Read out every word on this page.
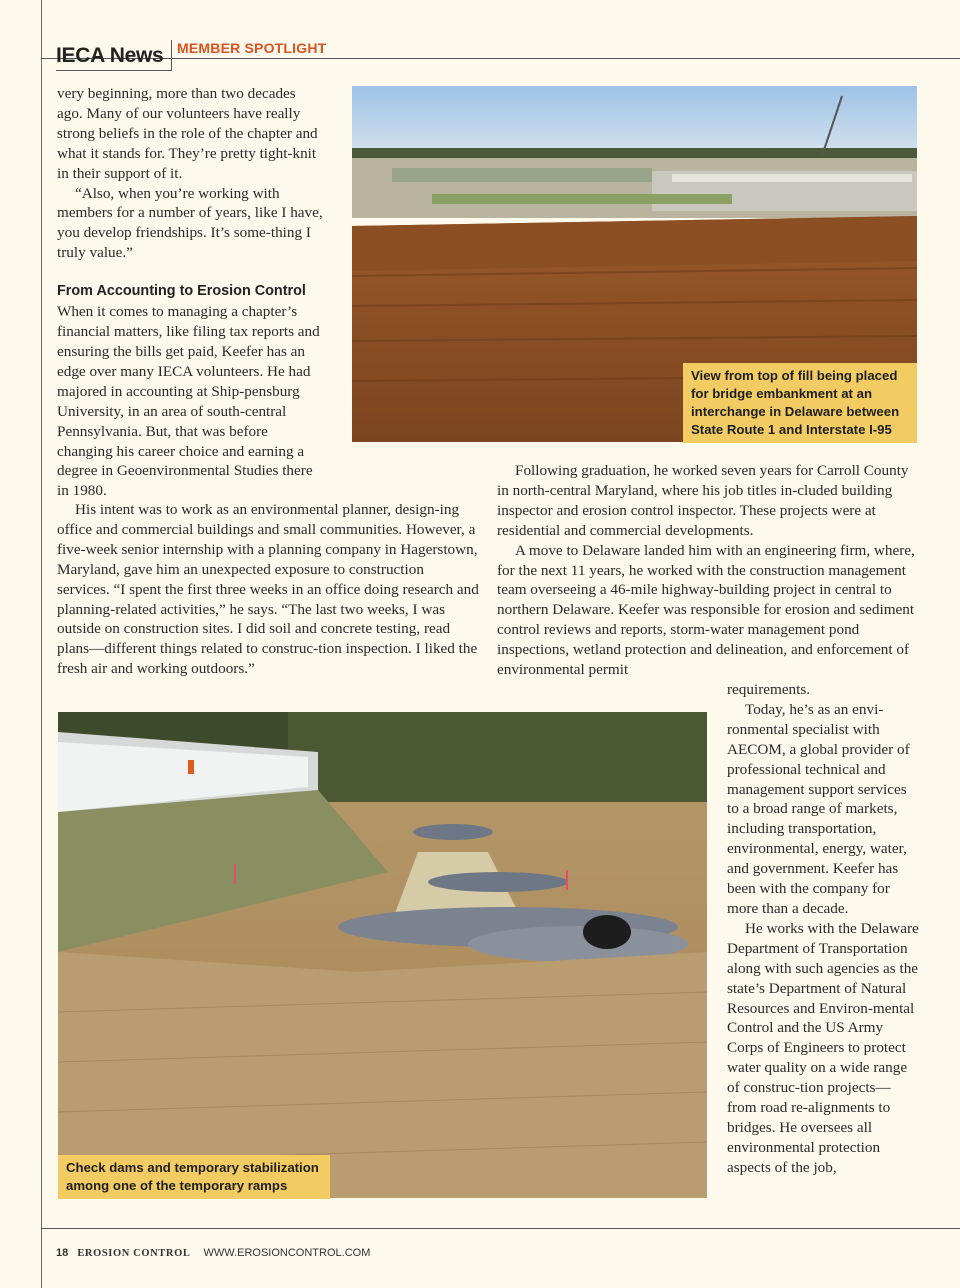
IECA News MEMBER SPOTLIGHT

very beginning, more than two decades ago. Many of our volunteers have really strong beliefs in the role of the chapter and what it stands for. They’re pretty tight-knit in their support of it.

“Also, when you’re working with members for a number of years, like I have, you develop friendships. It’s some-thing I truly value.”

From Accounting to Erosion Control

When it comes to managing a chapter’s financial matters, like filing tax reports and ensuring the bills get paid, Keefer has an edge over many IECA volunteers. He had majored in accounting at Ship-pensburg University, in an area of south-central Pennsylvania. But, that was before changing his career choice and earning a degree in Geoenvironmental Studies there in 1980.

His intent was to work as an environmental planner, design-ing office and commercial buildings and small communities. However, a five-week senior internship with a planning company in Hagerstown, Maryland, gave him an unexpected exposure to construction services. “I spent the first three weeks in an office doing research and planning-related activities,” he says. “The last two weeks, I was outside on construction sites. I did soil and concrete testing, read plans—different things related to construc-tion inspection. I liked the fresh air and working outdoors.”

View from top of fill being placed for bridge embankment at an interchange in Delaware between State Route 1 and Interstate I-95

Following graduation, he worked seven years for Carroll County in north-central Maryland, where his job titles in-cluded building inspector and erosion control inspector. These projects were at residential and commercial developments.

A move to Delaware landed him with an engineering firm, where, for the next 11 years, he worked with the construction management team overseeing a 46-mile highway-building project in central to northern Delaware. Keefer was responsible for erosion and sediment control reviews and reports, storm-water management pond inspections, wetland protection and delineation, and enforcement of environmental permit

requirements.

Today, he’s as an envi-ronmental specialist with AECOM, a global provider of professional technical and management support services to a broad range of markets, including transportation, environmental, energy, water, and government. Keefer has been with the company for more than a decade.

He works with the Delaware Department of Transportation along with such agencies as the state’s Department of Natural Resources and Environ-mental Control and the US Army Corps of Engineers to protect water quality on a wide range of construc-tion projects—from road re-alignments to bridges. He oversees all environmental protection aspects of the job,

Check dams and temporary stabilization among one of the temporary ramps
18 EROSION CONTROL WWW.EROSIONCONTROL.COM
